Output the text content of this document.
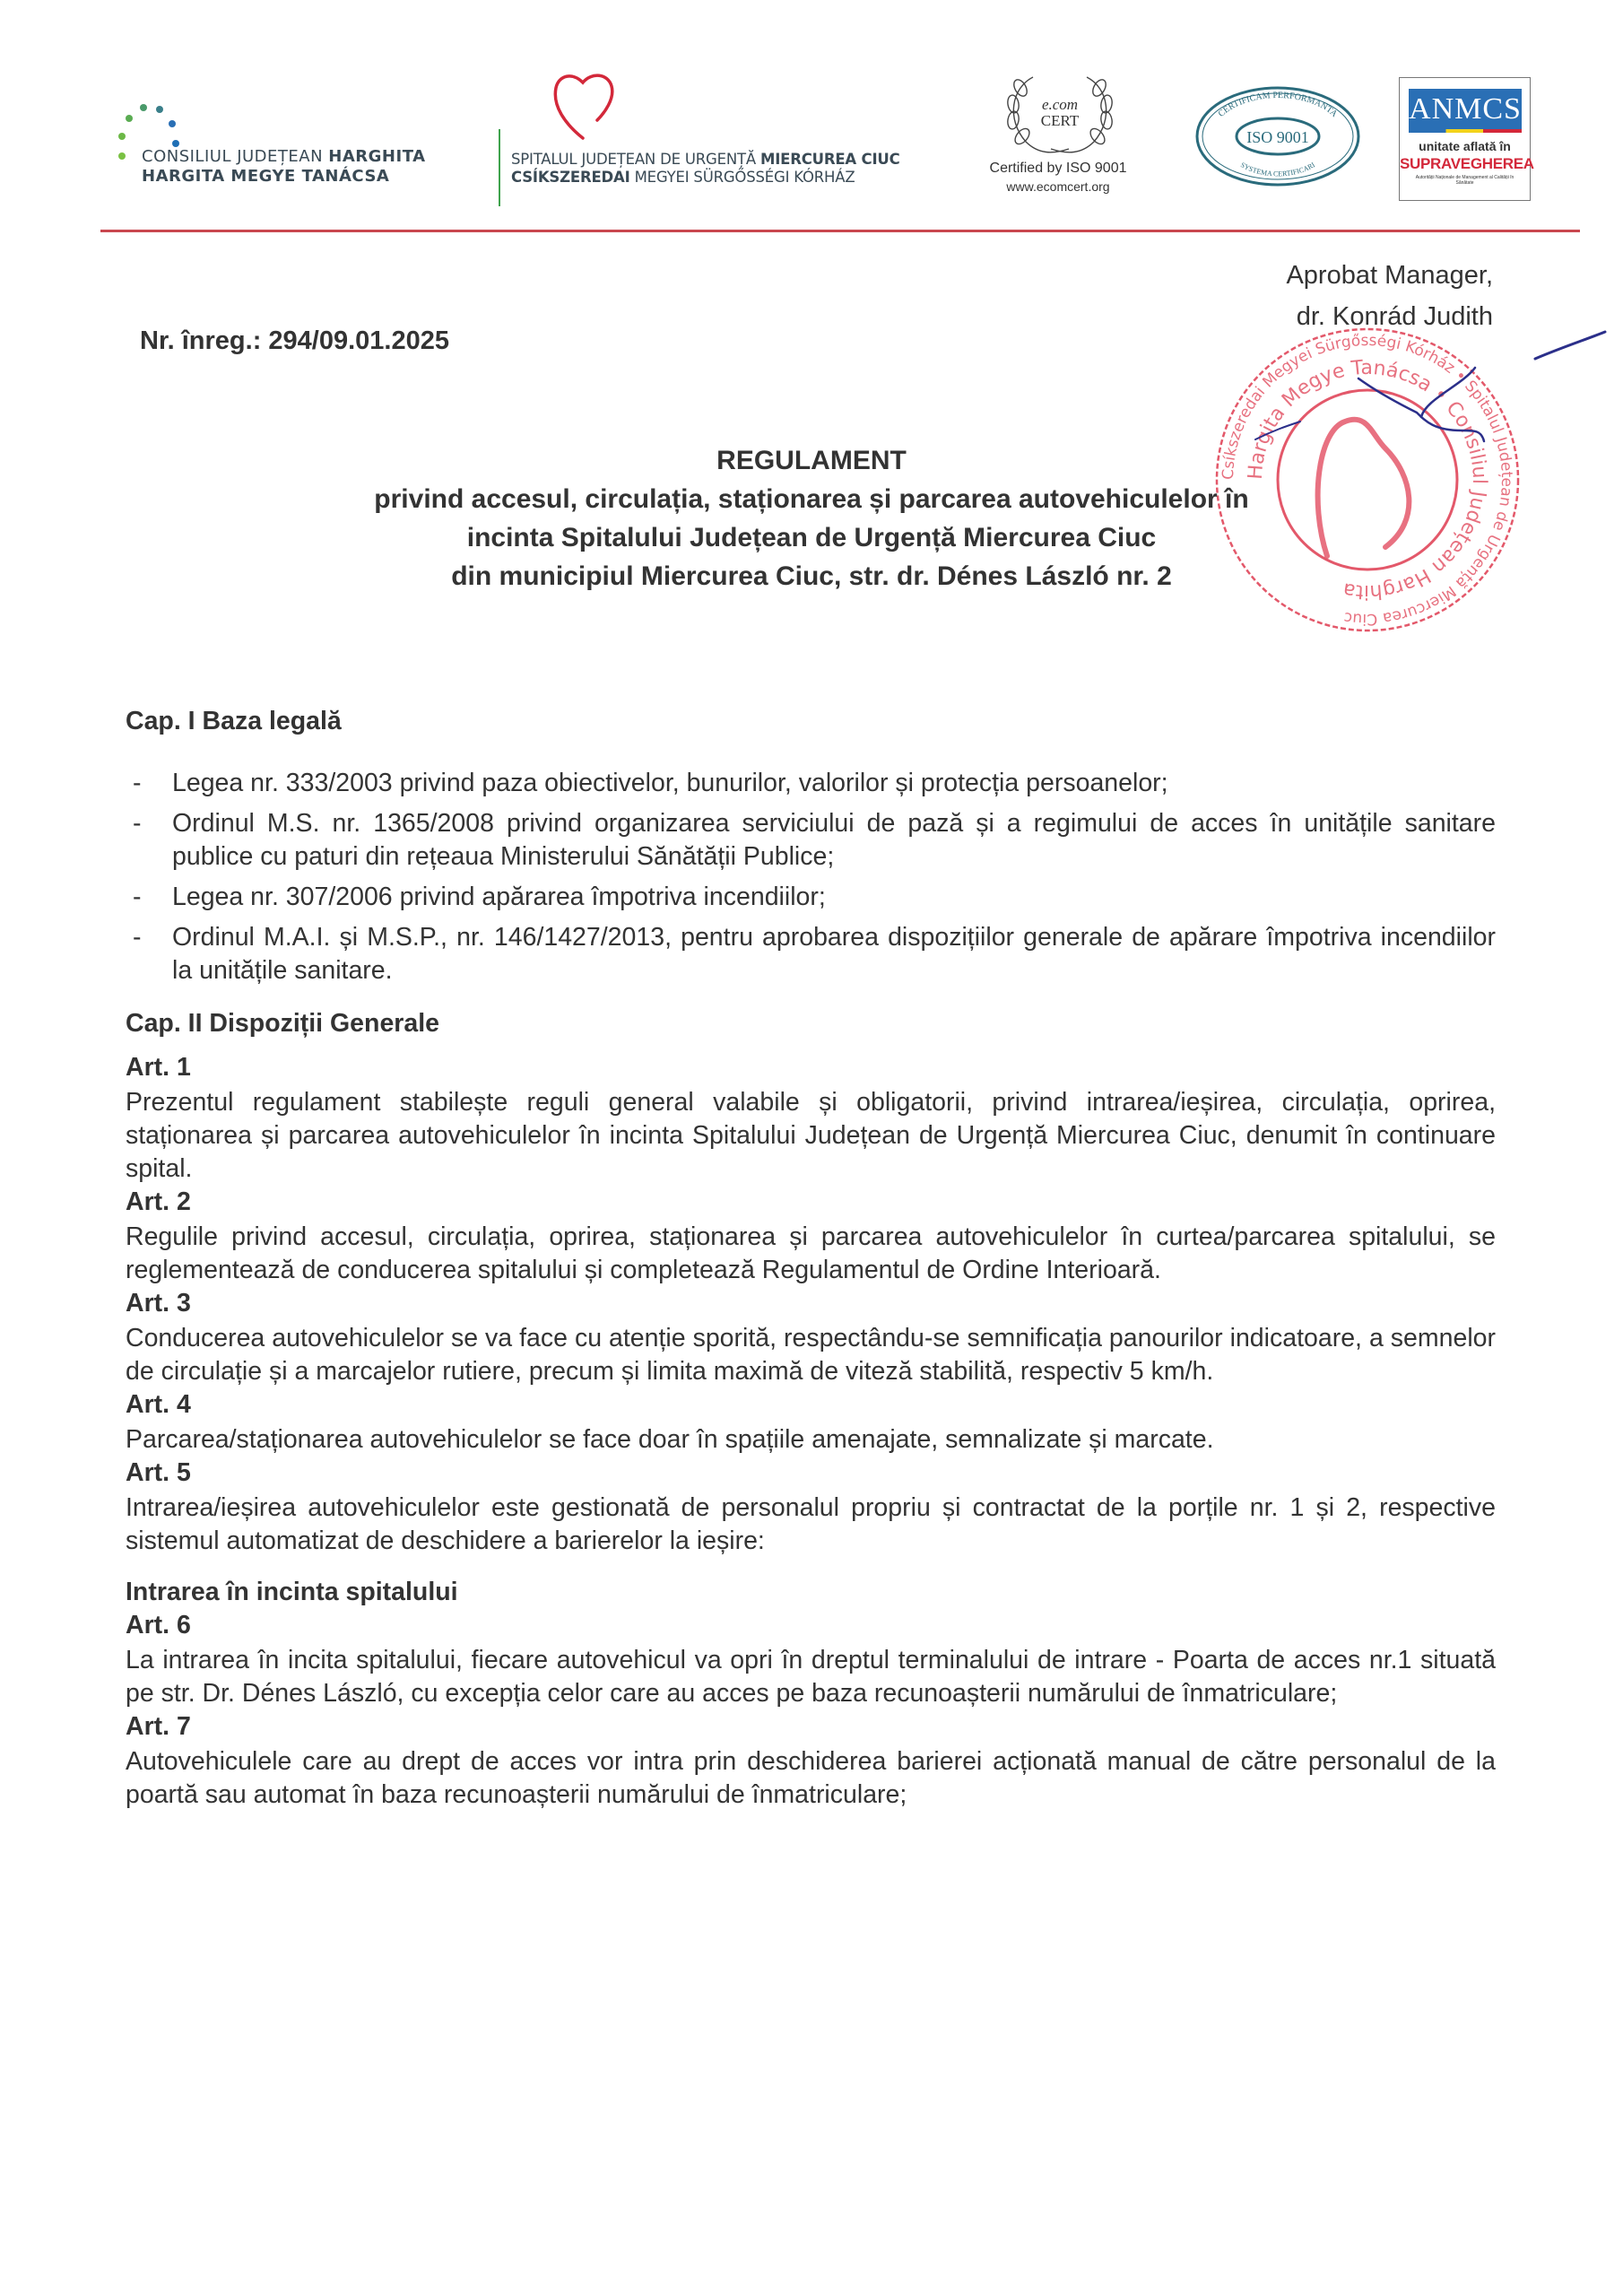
CONSILIUL JUDEȚEAN HARGHITA
HARGITA MEGYE TANÁCSA
SPITALUL JUDEȚEAN DE URGENȚĂ MIERCUREA CIUC
CSÍKSZEREDAI MEGYEI SÜRGŐSSÉGI KÓRHÁZ
e.com
CERT
Certified by ISO 9001
www.ecomcert.org
CERTIFICAM PERFORMANTA
ISO 9001
SYSTEMA CERTIFICARI
ANMCS
unitate aflată în
SUPRAVEGHEREA
Autorității Naționale de Management al Calității în Sănătate
Aprobat Manager,
dr. Konrád Judith
Nr. înreg.: 294/09.01.2025
Csíkszeredai Megyei Sürgősségi Kórház • Spitalul Județean de Urgență Miercurea Ciuc
Hargita Megye Tanácsa • Consiliul Județean Harghita
REGULAMENT
privind accesul, circulația, staționarea și parcarea autovehiculelor în
incinta Spitalului Județean de Urgență Miercurea Ciuc
din municipiul Miercurea Ciuc, str. dr. Dénes László nr. 2

Cap. I Baza legală

- Legea nr. 333/2003 privind paza obiectivelor, bunurilor, valorilor și protecția persoanelor;
- Ordinul M.S. nr. 1365/2008 privind organizarea serviciului de pază și a regimului de acces în unitățile sanitare publice cu paturi din rețeaua Ministerului Sănătății Publice;
- Legea nr. 307/2006 privind apărarea împotriva incendiilor;
- Ordinul M.A.I. și M.S.P., nr. 146/1427/2013, pentru aprobarea dispozițiilor generale de apărare împotriva incendiilor la unitățile sanitare.

Cap. II Dispoziții Generale

Art. 1

Prezentul regulament stabilește reguli general valabile și obligatorii, privind intrarea/ieșirea, circulația, oprirea, staționarea și parcarea autovehiculelor în incinta Spitalului Județean de Urgență Miercurea Ciuc, denumit în continuare spital.

Art. 2

Regulile privind accesul, circulația, oprirea, staționarea și parcarea autovehiculelor în curtea/parcarea spitalului, se reglementează de conducerea spitalului și completează Regulamentul de Ordine Interioară.

Art. 3

Conducerea autovehiculelor se va face cu atenție sporită, respectându-se semnificația panourilor indicatoare, a semnelor de circulație și a marcajelor rutiere, precum și limita maximă de viteză stabilită, respectiv 5 km/h.

Art. 4

Parcarea/staționarea autovehiculelor se face doar în spațiile amenajate, semnalizate și marcate.

Art. 5

Intrarea/ieșirea autovehiculelor este gestionată de personalul propriu și contractat de la porțile nr. 1 și 2, respective sistemul automatizat de deschidere a barierelor la ieșire:

Intrarea în incinta spitalului

Art. 6

La intrarea în incita spitalului, fiecare autovehicul va opri în dreptul terminalului de intrare - Poarta de acces nr.1 situată pe str. Dr. Dénes László, cu excepția celor care au acces pe baza recunoașterii numărului de înmatriculare;

Art. 7

Autovehiculele care au drept de acces vor intra prin deschiderea barierei acționată manual de către personalul de la poartă sau automat în baza recunoașterii numărului de înmatriculare;
